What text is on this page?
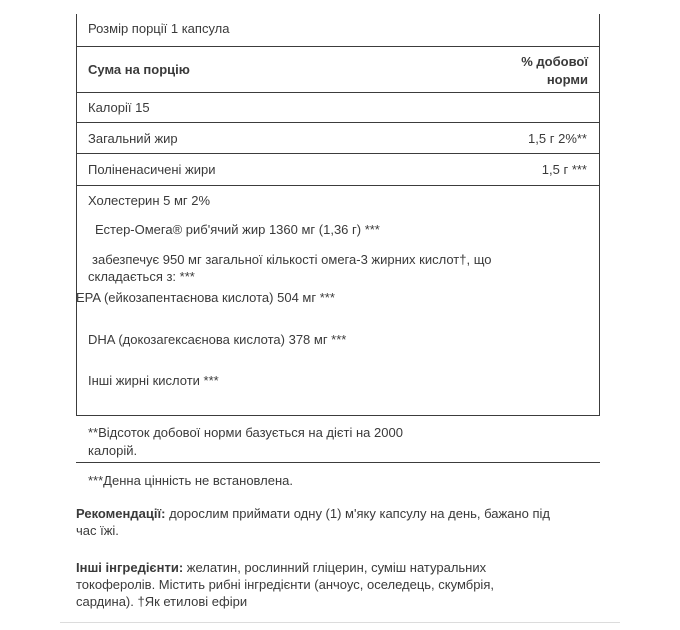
Розмір порції 1 капсула
Сума на порцію
% добової
норми
Калорії 15
Загальний жир	1,5 г 2%**
Поліненасичені жири	1,5 г ***
Холестерин 5 мг 2%
Естер-Омега® риб'ячий жир 1360 мг (1,36 г) ***
забезпечує 950 мг загальної кількості омега-3 жирних кислот†, що
складається з: ***
EPA (ейкозапентаєнова кислота) 504 мг ***
DHA (докозагексаєнова кислота) 378 мг ***
Інші жирні кислоти ***
**Відсоток добової норми базується на дієті на 2000
калорій.
***Денна цінність не встановлена.
Рекомендації: дорослим приймати одну (1) м'яку капсулу на день, бажано під
час їжі.
Інші інгредієнти: желатин, рослинний гліцерин, суміш натуральних
токоферолів. Містить рибні інгредієнти (анчоус, оселедець, скумбрія,
сардина). †Як етилові ефіри
